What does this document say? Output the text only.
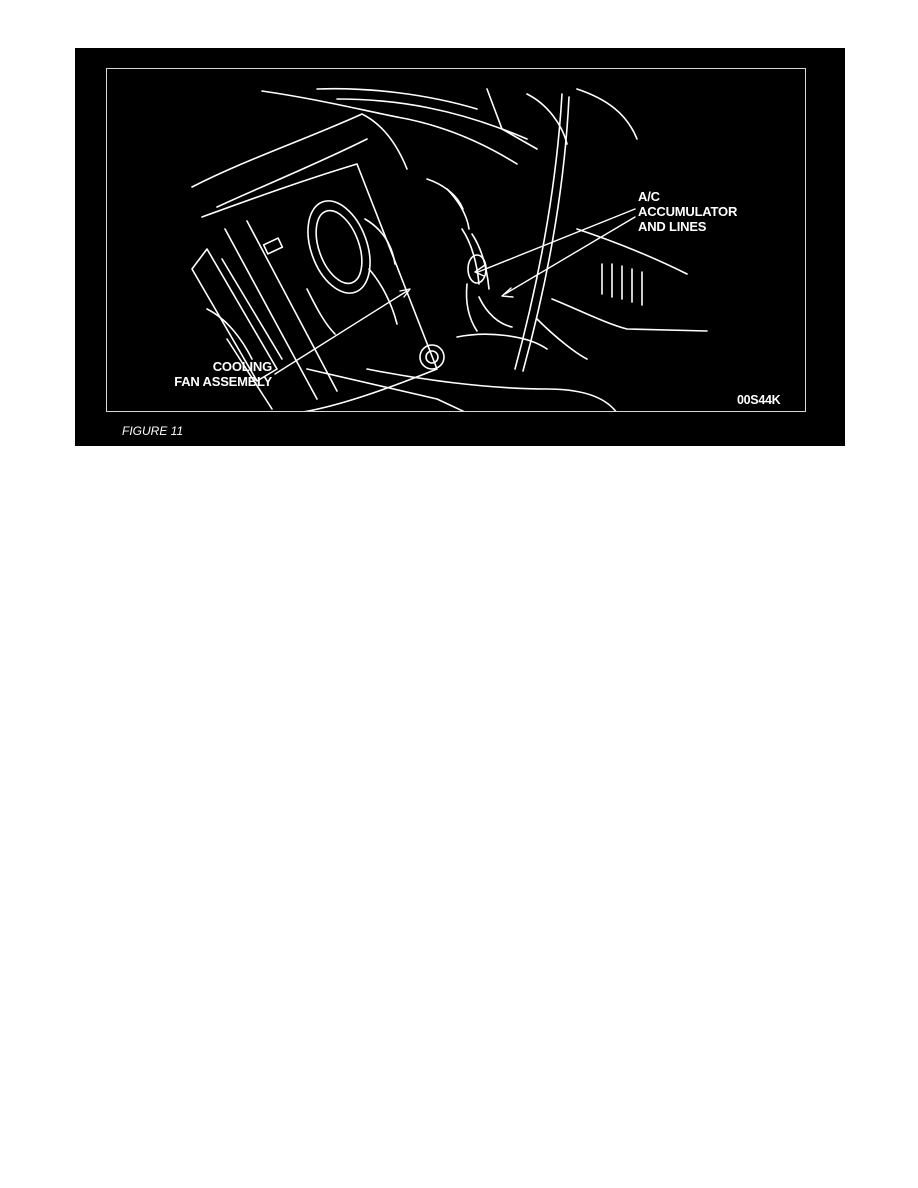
A/C
ACCUMULATOR
AND LINES
COOLING
FAN ASSEMBLY
00S44K
FIGURE 11
